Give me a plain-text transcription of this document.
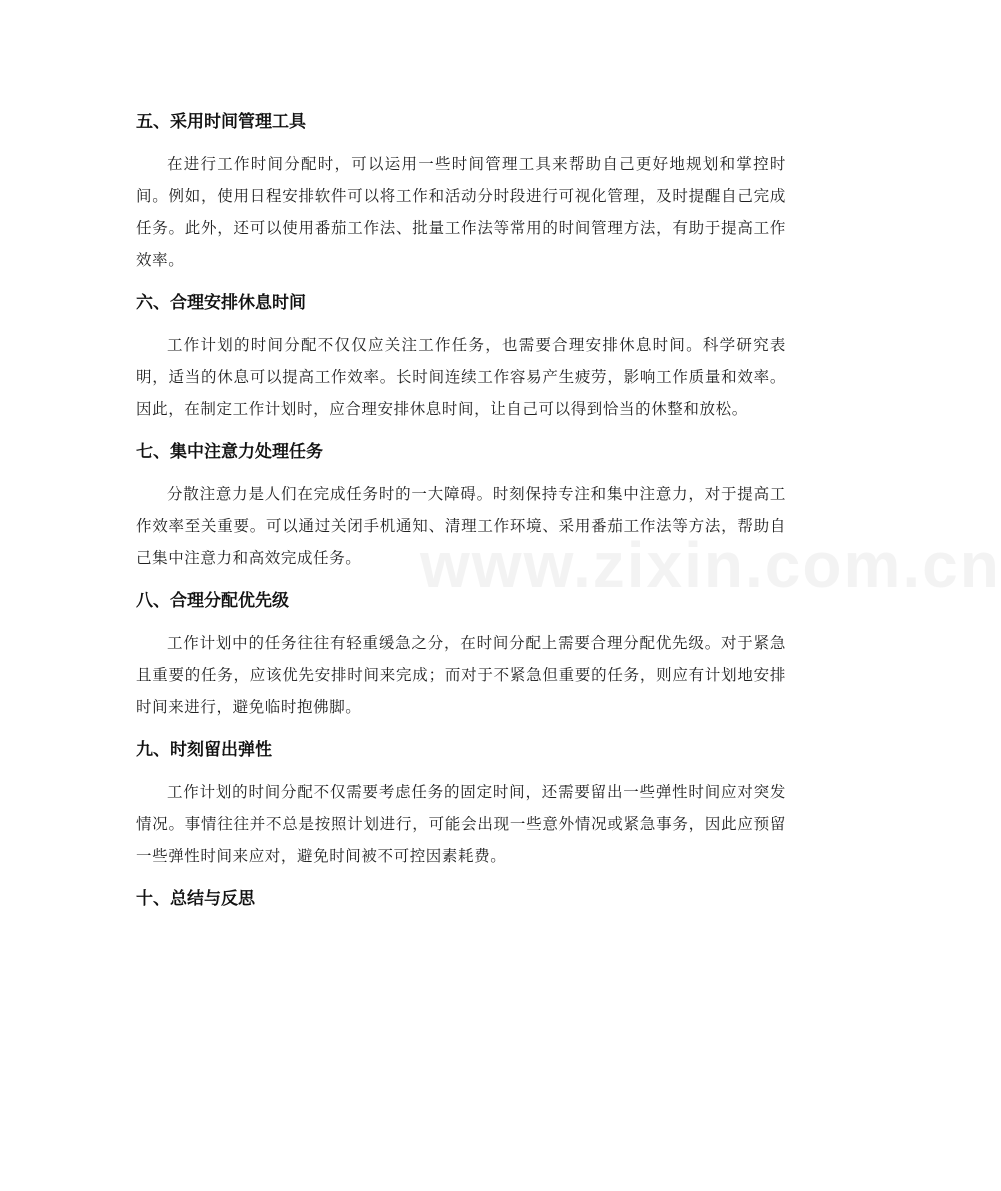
www.zixin.com.cn
五、采用时间管理工具

在进行工作时间分配时，可以运用一些时间管理工具来帮助自己更好地规划和掌控时间。例如，使用日程安排软件可以将工作和活动分时段进行可视化管理，及时提醒自己完成任务。此外，还可以使用番茄工作法、批量工作法等常用的时间管理方法，有助于提高工作效率。

六、合理安排休息时间

工作计划的时间分配不仅仅应关注工作任务，也需要合理安排休息时间。科学研究表明，适当的休息可以提高工作效率。长时间连续工作容易产生疲劳，影响工作质量和效率。因此，在制定工作计划时，应合理安排休息时间，让自己可以得到恰当的休整和放松。

七、集中注意力处理任务

分散注意力是人们在完成任务时的一大障碍。时刻保持专注和集中注意力，对于提高工作效率至关重要。可以通过关闭手机通知、清理工作环境、采用番茄工作法等方法，帮助自己集中注意力和高效完成任务。

八、合理分配优先级

工作计划中的任务往往有轻重缓急之分，在时间分配上需要合理分配优先级。对于紧急且重要的任务，应该优先安排时间来完成；而对于不紧急但重要的任务，则应有计划地安排时间来进行，避免临时抱佛脚。

九、时刻留出弹性

工作计划的时间分配不仅需要考虑任务的固定时间，还需要留出一些弹性时间应对突发情况。事情往往并不总是按照计划进行，可能会出现一些意外情况或紧急事务，因此应预留一些弹性时间来应对，避免时间被不可控因素耗费。

十、总结与反思
